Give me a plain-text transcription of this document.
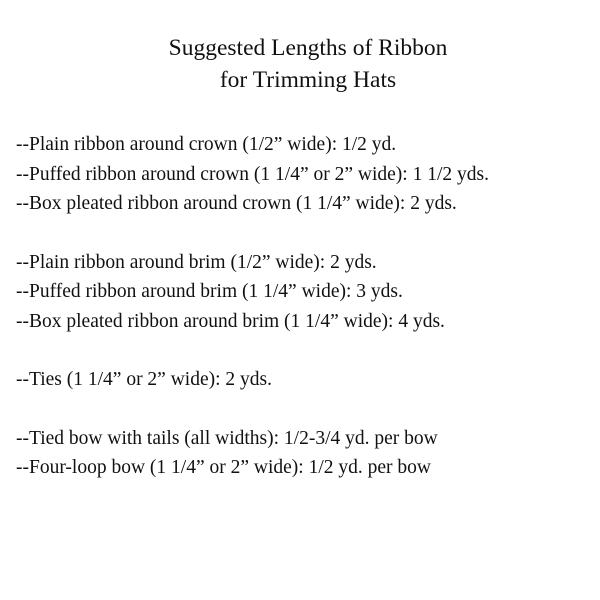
Suggested Lengths of Ribbon
for Trimming Hats
--Plain ribbon around crown (1/2” wide): 1/2 yd.
--Puffed ribbon around crown (1 1/4” or 2” wide): 1 1/2 yds.
--Box pleated ribbon around crown (1 1/4” wide): 2 yds.
--Plain ribbon around brim (1/2” wide): 2 yds.
--Puffed ribbon around brim (1 1/4” wide): 3 yds.
--Box pleated ribbon around brim (1 1/4” wide): 4 yds.
--Ties (1 1/4” or 2” wide): 2 yds.
--Tied bow with tails (all widths): 1/2-3/4 yd. per bow
--Four-loop bow (1 1/4” or 2” wide): 1/2 yd. per bow
